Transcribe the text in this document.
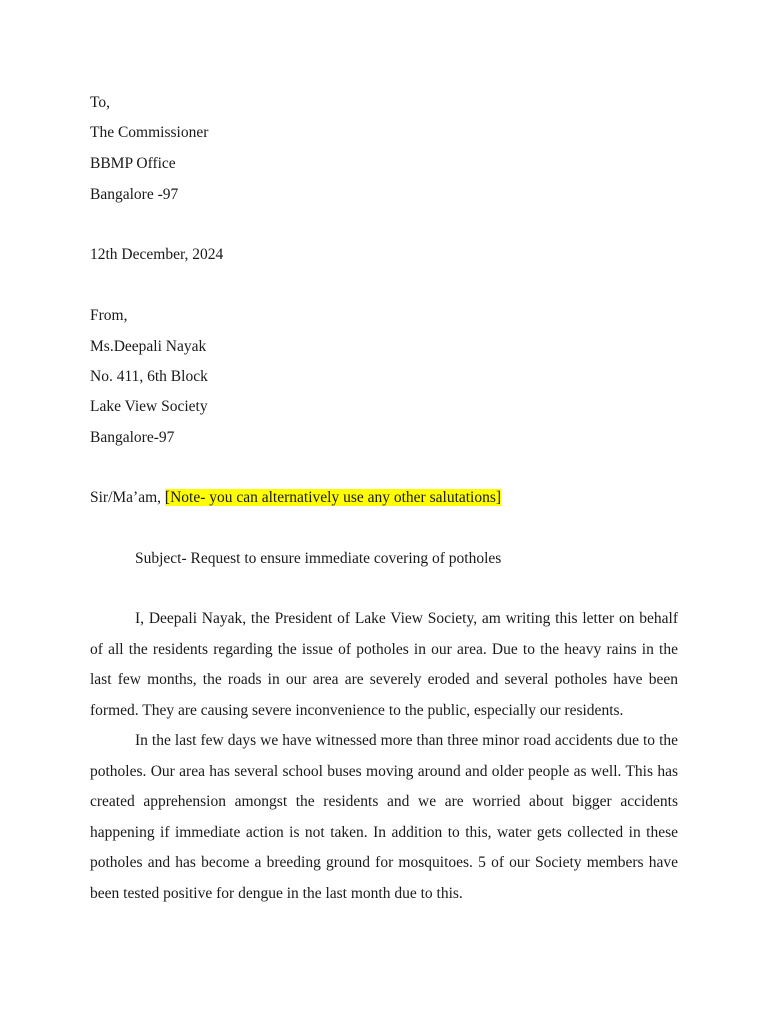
To,
The Commissioner
BBMP Office
Bangalore -97
12th December, 2024
From,
Ms.Deepali Nayak
No. 411, 6th Block
Lake View Society
Bangalore-97
Sir/Ma’am, [Note- you can alternatively use any other salutations]
Subject- Request to ensure immediate covering of potholes

I, Deepali Nayak, the President of Lake View Society, am writing this letter on behalf of all the residents regarding the issue of potholes in our area. Due to the heavy rains in the last few months, the roads in our area are severely eroded and several potholes have been formed. They are causing severe inconvenience to the public, especially our residents.

In the last few days we have witnessed more than three minor road accidents due to the potholes. Our area has several school buses moving around and older people as well. This has created apprehension amongst the residents and we are worried about bigger accidents happening if immediate action is not taken. In addition to this, water gets collected in these potholes and has become a breeding ground for mosquitoes. 5 of our Society members have been tested positive for dengue in the last month due to this.
